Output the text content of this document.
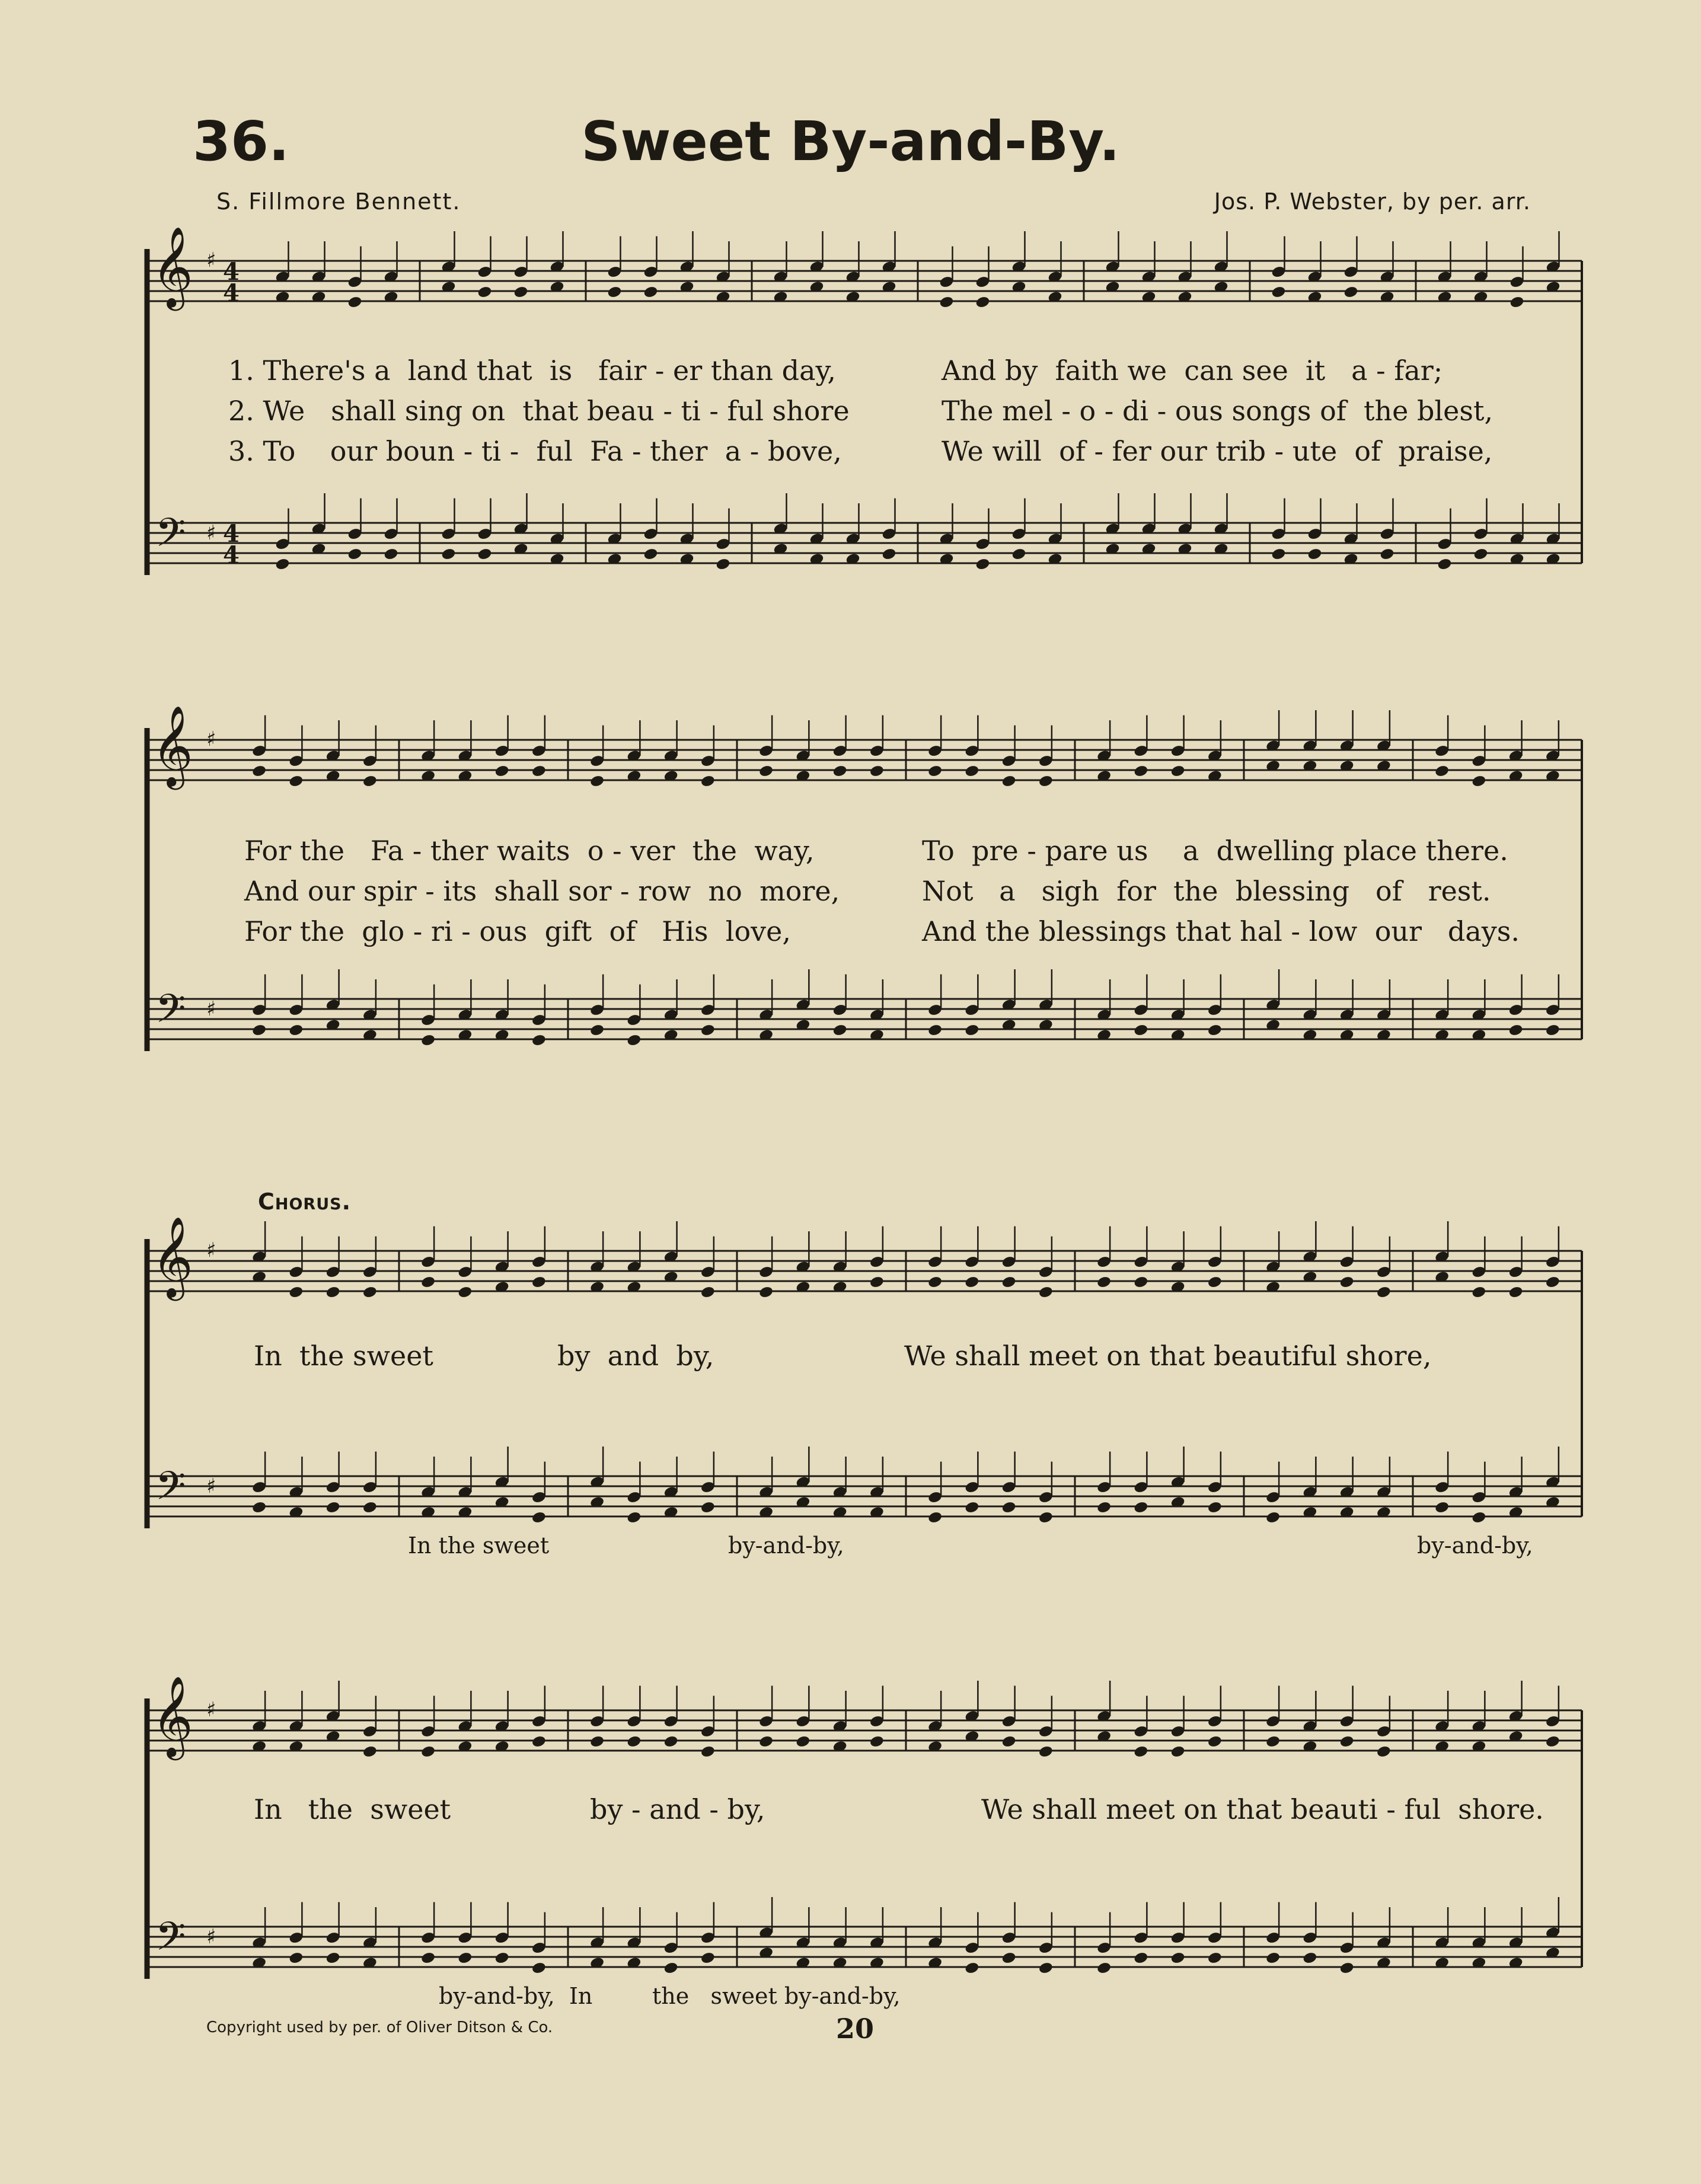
36.	Sweet By-and-By.
S. Fillmore Bennett.	Jos. P. Webster, by per. arr.
𝄞
𝄢
♯
♯
4
4
4
4
𝄞
𝄢
♯
♯
𝄞
𝄢
♯
♯
𝄞
𝄢
♯
♯
1. There's a  land that  is   fair - er than day,
2. We   shall sing on  that beau - ti - ful shore
3. To    our boun - ti -  ful  Fa - ther  a - bove,
And by  faith we  can see  it   a - far;
The mel - o - di - ous songs of  the blest,
We will  of - fer our trib - ute  of  praise,
For the   Fa - ther waits  o - ver  the  way,
And our spir - its  shall sor - row  no  more,
For the  glo - ri - ous  gift  of   His  love,
To  pre - pare us    a  dwelling place there.
Not   a   sigh  for  the  blessing   of   rest.
And the blessings that hal - low  our   days.
Chorus.
In  the sweet	by  and  by,	We shall meet on that beautiful shore,
In the sweet	by-and-by,	by-and-by,
In   the  sweet	by - and - by,	We shall meet on that beauti - ful  shore.
by-and-by,  In	the   sweet by-and-by,
Copyright used by per. of Oliver Ditson & Co.	20
